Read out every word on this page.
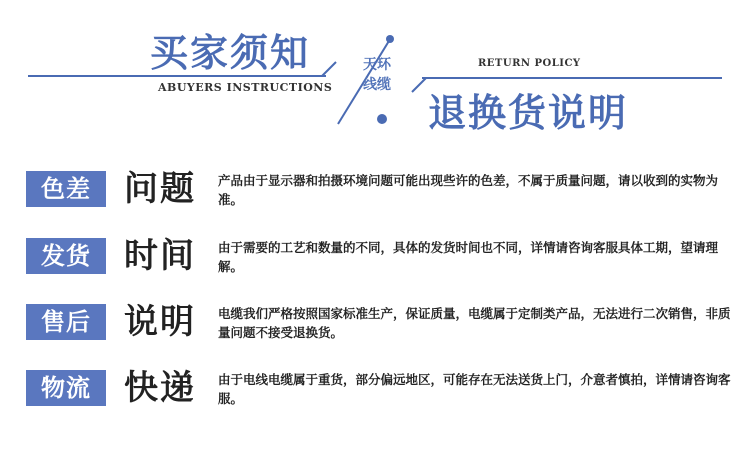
买家须知
ABUYERS INSTRUCTIONS
天环
线缆
RETURN POLICY
退换货说明
色差 问题 产品由于显示器和拍摄环境问题可能出现些许的色差，不属于质量问题，请以收到的实物为准。
发货 时间 由于需要的工艺和数量的不同，具体的发货时间也不同，详情请咨询客服具体工期，望请理解。
售后 说明 电缆我们严格按照国家标准生产，保证质量，电缆属于定制类产品，无法进行二次销售，非质量问题不接受退换货。
物流 快递 由于电线电缆属于重货，部分偏远地区，可能存在无法送货上门，介意者慎拍，详情请咨询客服。
